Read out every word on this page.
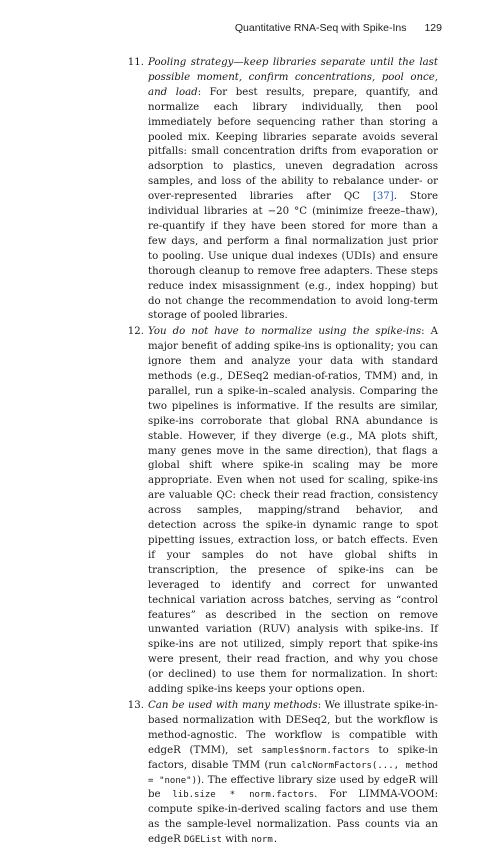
Quantitative RNA-Seq with Spike-Ins 129
11. Pooling strategy—keep libraries separate until the last possible moment, confirm concentrations, pool once, and load: For best results, prepare, quantify, and normalize each library individually, then pool immediately before sequencing rather than storing a pooled mix. Keeping libraries separate avoids several pitfalls: small concentration drifts from evaporation or adsorption to plastics, uneven degradation across samples, and loss of the ability to rebalance under- or over-represented libraries after QC [37]. Store individual libraries at −20 °C (minimize freeze–thaw), re-quantify if they have been stored for more than a few days, and perform a final normalization just prior to pooling. Use unique dual indexes (UDIs) and ensure thorough cleanup to remove free adapters. These steps reduce index misassignment (e.g., index hopping) but do not change the recommendation to avoid long-term storage of pooled libraries.
12. You do not have to normalize using the spike-ins: A major benefit of adding spike-ins is optionality; you can ignore them and analyze your data with standard methods (e.g., DESeq2 median-of-ratios, TMM) and, in parallel, run a spike-in–scaled analysis. Comparing the two pipelines is informative. If the results are similar, spike-ins corroborate that global RNA abundance is stable. However, if they diverge (e.g., MA plots shift, many genes move in the same direction), that flags a global shift where spike-in scaling may be more appropriate. Even when not used for scaling, spike-ins are valuable QC: check their read fraction, consistency across samples, mapping/strand behavior, and detection across the spike-in dynamic range to spot pipetting issues, extraction loss, or batch effects. Even if your samples do not have global shifts in transcription, the presence of spike-ins can be leveraged to identify and correct for unwanted technical variation across batches, serving as “control features” as described in the section on remove unwanted variation (RUV) analysis with spike-ins. If spike-ins are not utilized, simply report that spike-ins were present, their read fraction, and why you chose (or declined) to use them for normalization. In short: adding spike-ins keeps your options open.
13. Can be used with many methods: We illustrate spike-in-based normalization with DESeq2, but the workflow is method-agnostic. The workflow is compatible with edgeR (TMM), set samples$norm.factors to spike-in factors, disable TMM (run calcNormFactors(..., method = "none")). The effective library size used by edgeR will be lib.size * norm.factors. For LIMMA-VOOM: compute spike-in-derived scaling factors and use them as the sample-level normalization. Pass counts via an edgeR DGEList with norm.
